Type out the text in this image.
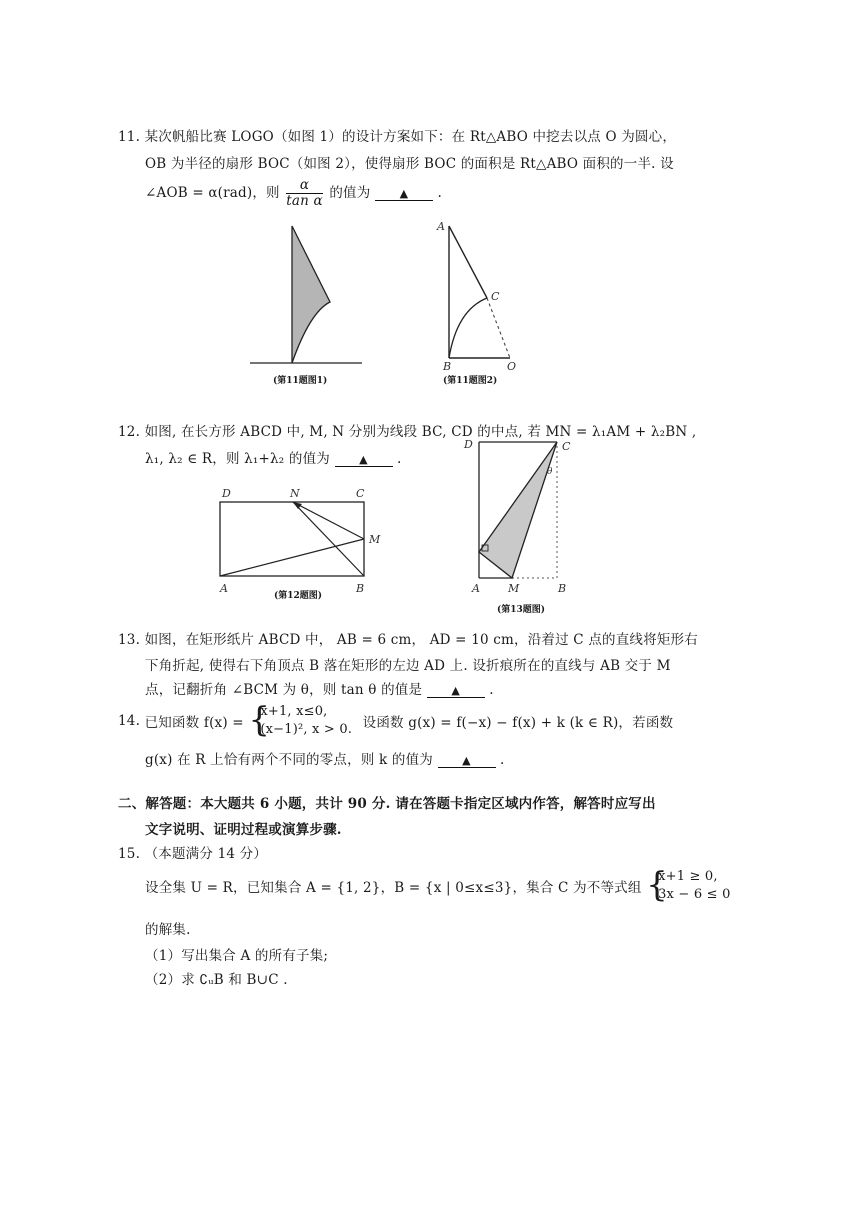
11. 某次帆船比赛 LOGO（如图 1）的设计方案如下：在 Rt△ABO 中挖去以点 O 为圆心，
OB 为半径的扇形 BOC（如图 2），使得扇形 BOC 的面积是 Rt△ABO 面积的一半. 设
∠AOB = α(rad)，则 $\frac{\alpha}{\text{tan α}}$ 的值为	▲ .
(第11题图1)
A
C
B	O
(第11题图2)
12. 如图, 在长方形 ABCD 中, M, N 分别为线段 BC, CD 的中点, 若 MN = λ₁AM + λ₂BN ,
λ₁, λ₂ ∈ R，则 λ₁+λ₂ 的值为	▲ .
D	N	C
M
A	B
(第12题图)
D	C
θ
A	M	B
(第13题图)
13. 如图，在矩形纸片 ABCD 中， AB = 6 cm， AD = 10 cm，沿着过 C 点的直线将矩形右
下角折起, 使得右下角顶点 B 落在矩形的左边 AD 上. 设折痕所在的直线与 AB 交于 M
点，记翻折角 ∠BCM 为 θ，则 tan θ 的值是	▲ .
14. 已知函数 f(x) = {
x+1, x≤0,
(x−1)², x > 0. 设函数 g(x) = f(−x) − f(x) + k (k ∈ R)，若函数
g(x) 在 R 上恰有两个不同的零点，则 k 的值为	▲ .
二、解答题：本大题共 6 小题，共计 90 分. 请在答题卡指定区域内作答，解答时应写出
文字说明、证明过程或演算步骤.
15. （本题满分 14 分）
设全集 U = R，已知集合 A = {1, 2}，B = {x | 0≤x≤3}，集合 C 为不等式组 {
x+1 ≥ 0,
3x − 6 ≤ 0
的解集.
（1）写出集合 A 的所有子集;
（2）求 ∁ᵤB 和 B∪C .
